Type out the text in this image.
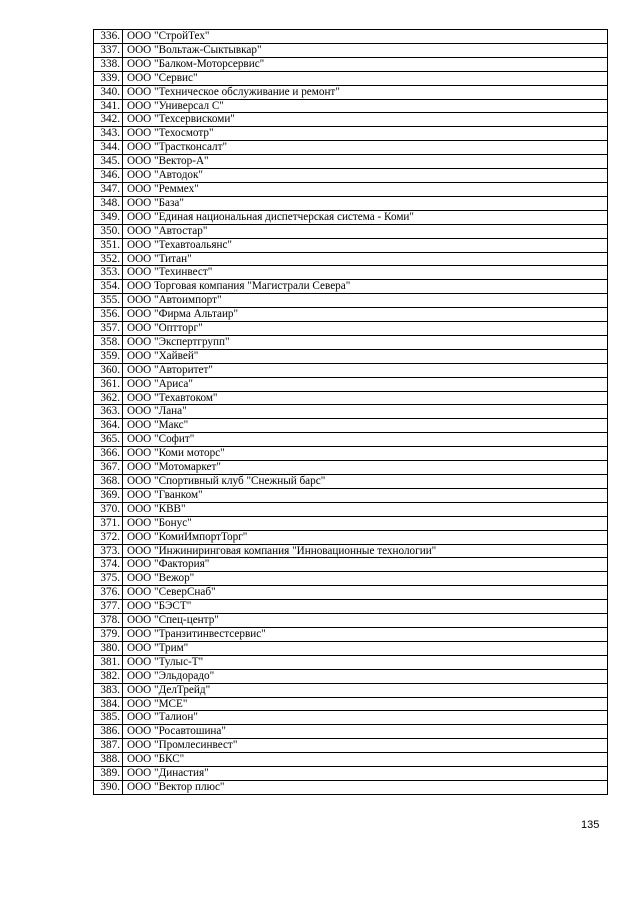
336.	ООО "СтройТех"
337.	ООО "Вольтаж-Сыктывкар"
338.	ООО "Балком-Моторсервис"
339.	ООО "Сервис"
340.	ООО "Техническое обслуживание и ремонт"
341.	ООО "Универсал С"
342.	ООО "Техсервискоми"
343.	ООО "Техосмотр"
344.	ООО "Трастконсалт"
345.	ООО "Вектор-А"
346.	ООО "Автодок"
347.	ООО "Реммех"
348.	ООО "База"
349.	ООО "Единая национальная диспетчерская система - Коми"
350.	ООО "Автостар"
351.	ООО "Техавтоальянс"
352.	ООО "Титан"
353.	ООО "Техинвест"
354.	ООО Торговая компания "Магистрали Севера"
355.	ООО "Автоимпорт"
356.	ООО "Фирма Альтаир"
357.	ООО "Оптторг"
358.	ООО "Экспертгрупп"
359.	ООО "Хайвей"
360.	ООО "Авторитет"
361.	ООО "Ариса"
362.	ООО "Техавтоком"
363.	ООО "Лана"
364.	ООО "Макс"
365.	ООО "Софит"
366.	ООО "Коми моторс"
367.	ООО "Мотомаркет"
368.	ООО "Спортивный клуб "Снежный барс"
369.	ООО "Гванком"
370.	ООО "КВВ"
371.	ООО "Бонус"
372.	ООО "КомиИмпортТорг"
373.	ООО "Инжиниринговая компания "Инновационные технологии"
374.	ООО "Фактория"
375.	ООО "Вежор"
376.	ООО "СеверСнаб"
377.	ООО "БЭСТ"
378.	ООО "Спец-центр"
379.	ООО "Транзитинвестсервис"
380.	ООО "Трим"
381.	ООО "Тулыс-Т"
382.	ООО "Эльдорадо"
383.	ООО "ДелТрейд"
384.	ООО "МСЕ"
385.	ООО "Талион"
386.	ООО "Росавтошина"
387.	ООО "Промлесинвест"
388.	ООО "БКС"
389.	ООО "Династия"
390.	ООО "Вектор плюс"
135
